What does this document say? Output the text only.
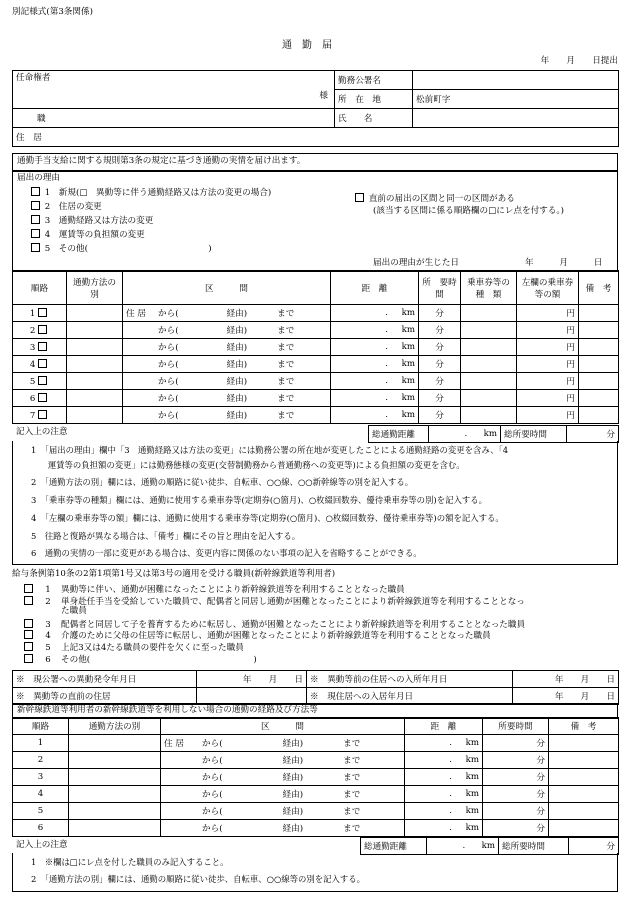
別記様式(第3条関係)
通　勤　届
年　　月　　日提出
任命権者
様	勤務公署名	
	所　在　地	松前町字
職	氏　　名	
住　居		
通勤手当支給に関する規則第3条の規定に基づき通勤の実情を届け出ます。
届出の理由
1　新規(□　異動等に伴う通勤経路又は方法の変更の場合)
2　住居の変更
3　通勤経路又は方法の変更
4　運賃等の負担額の変更
5　その他(　　　　　　　　　　　　　　)
直前の届出の区間と同一の区間がある
(該当する区間に係る順路欄の□にレ点を付する。)
届出の理由が生じた日	年　　　月　　　日
順路	通勤方法の　別	区　　　間	距　離	所　要時　間	乗車券等の　種　類	左欄の乗車券等の額	備　考
1		住 居 から( 経由) まで	. km	分		円	
2		から( 経由) まで	. km	分		円	
3		から( 経由) まで	. km	分		円	
4		から( 経由) まで	. km	分		円	
5		から( 経由) まで	. km	分		円	
6		から( 経由) まで	. km	分		円	
7		から( 経由) まで	. km	分		円	
記入上の注意	総通勤距離	. km	総所要時間	分
1　「届出の理由」欄中「3　通勤経路又は方法の変更」には勤務公署の所在地が変更したことによる通勤経路の変更を含み、「4
　　運賃等の負担額の変更」には勤務態様の変更(交替制勤務から普通勤務への変更等)による負担額の変更を含む。
2　「通勤方法の別」欄には、通勤の順路に従い徒歩、自転車、○○線、○○新幹線等の別を記入する。
3　「乗車券等の種類」欄には、通勤に使用する乗車券等(定期券(○箇月)、○枚綴回数券、優待乗車券等の別)を記入する。
4　「左欄の乗車券等の額」欄には、通勤に使用する乗車券等(定期券(○箇月)、○枚綴回数券、優待乗車券等)の額を記入する。
5　往路と復路が異なる場合は、「備考」欄にその旨と理由を記入する。
6　通勤の実情の一部に変更がある場合は、変更内容に関係のない事項の記入を省略することができる。
給与条例第10条の2第1項第1号又は第3号の適用を受ける職員(新幹線鉄道等利用者)
1 異動等に伴い、通勤が困難になったことにより新幹線鉄道等を利用することとなった職員
2 単身赴任手当を受給していた職員で、配偶者と同居し通勤が困難となったことにより新幹線鉄道等を利用することとなっ
た職員
3 配偶者と同居して子を養育するために転居し、通勤が困難となったことにより新幹線鉄道等を利用することとなった職員
4 介護のために父母の住居等に転居し、通勤が困難となったことにより新幹線鉄道等を利用することとなった職員
5 上記3又は4たる職員の要件を欠くに至った職員
6 その他(　　　　　　　　　　　　　　　　　　　)
※　現公署への異動発令年月日	年　　月　　日	※　異動等前の住居への入所年月日	年　　月　　日
※　異動等の直前の住居		※　現住居への入居年月日	年　　月　　日
新幹線鉄道等利用者の新幹線鉄道等を利用しない場合の通勤の経路及び方法等
順路	通勤方法の別	区　　　間	距　離	所要時間	備　考
1		住 居 から( 経由) まで	. km	分	
2		から( 経由) まで	. km	分	
3		から( 経由) まで	. km	分	
4		から( 経由) まで	. km	分	
5		から( 経由) まで	. km	分	
6		から( 経由) まで	. km	分	
記入上の注意	総通勤距離	. km	総所要時間	分
1　※欄は□にレ点を付した職員のみ記入すること。
2　「通勤方法の別」欄には、通勤の順路に従い徒歩、自転車、○○線等の別を記入する。
